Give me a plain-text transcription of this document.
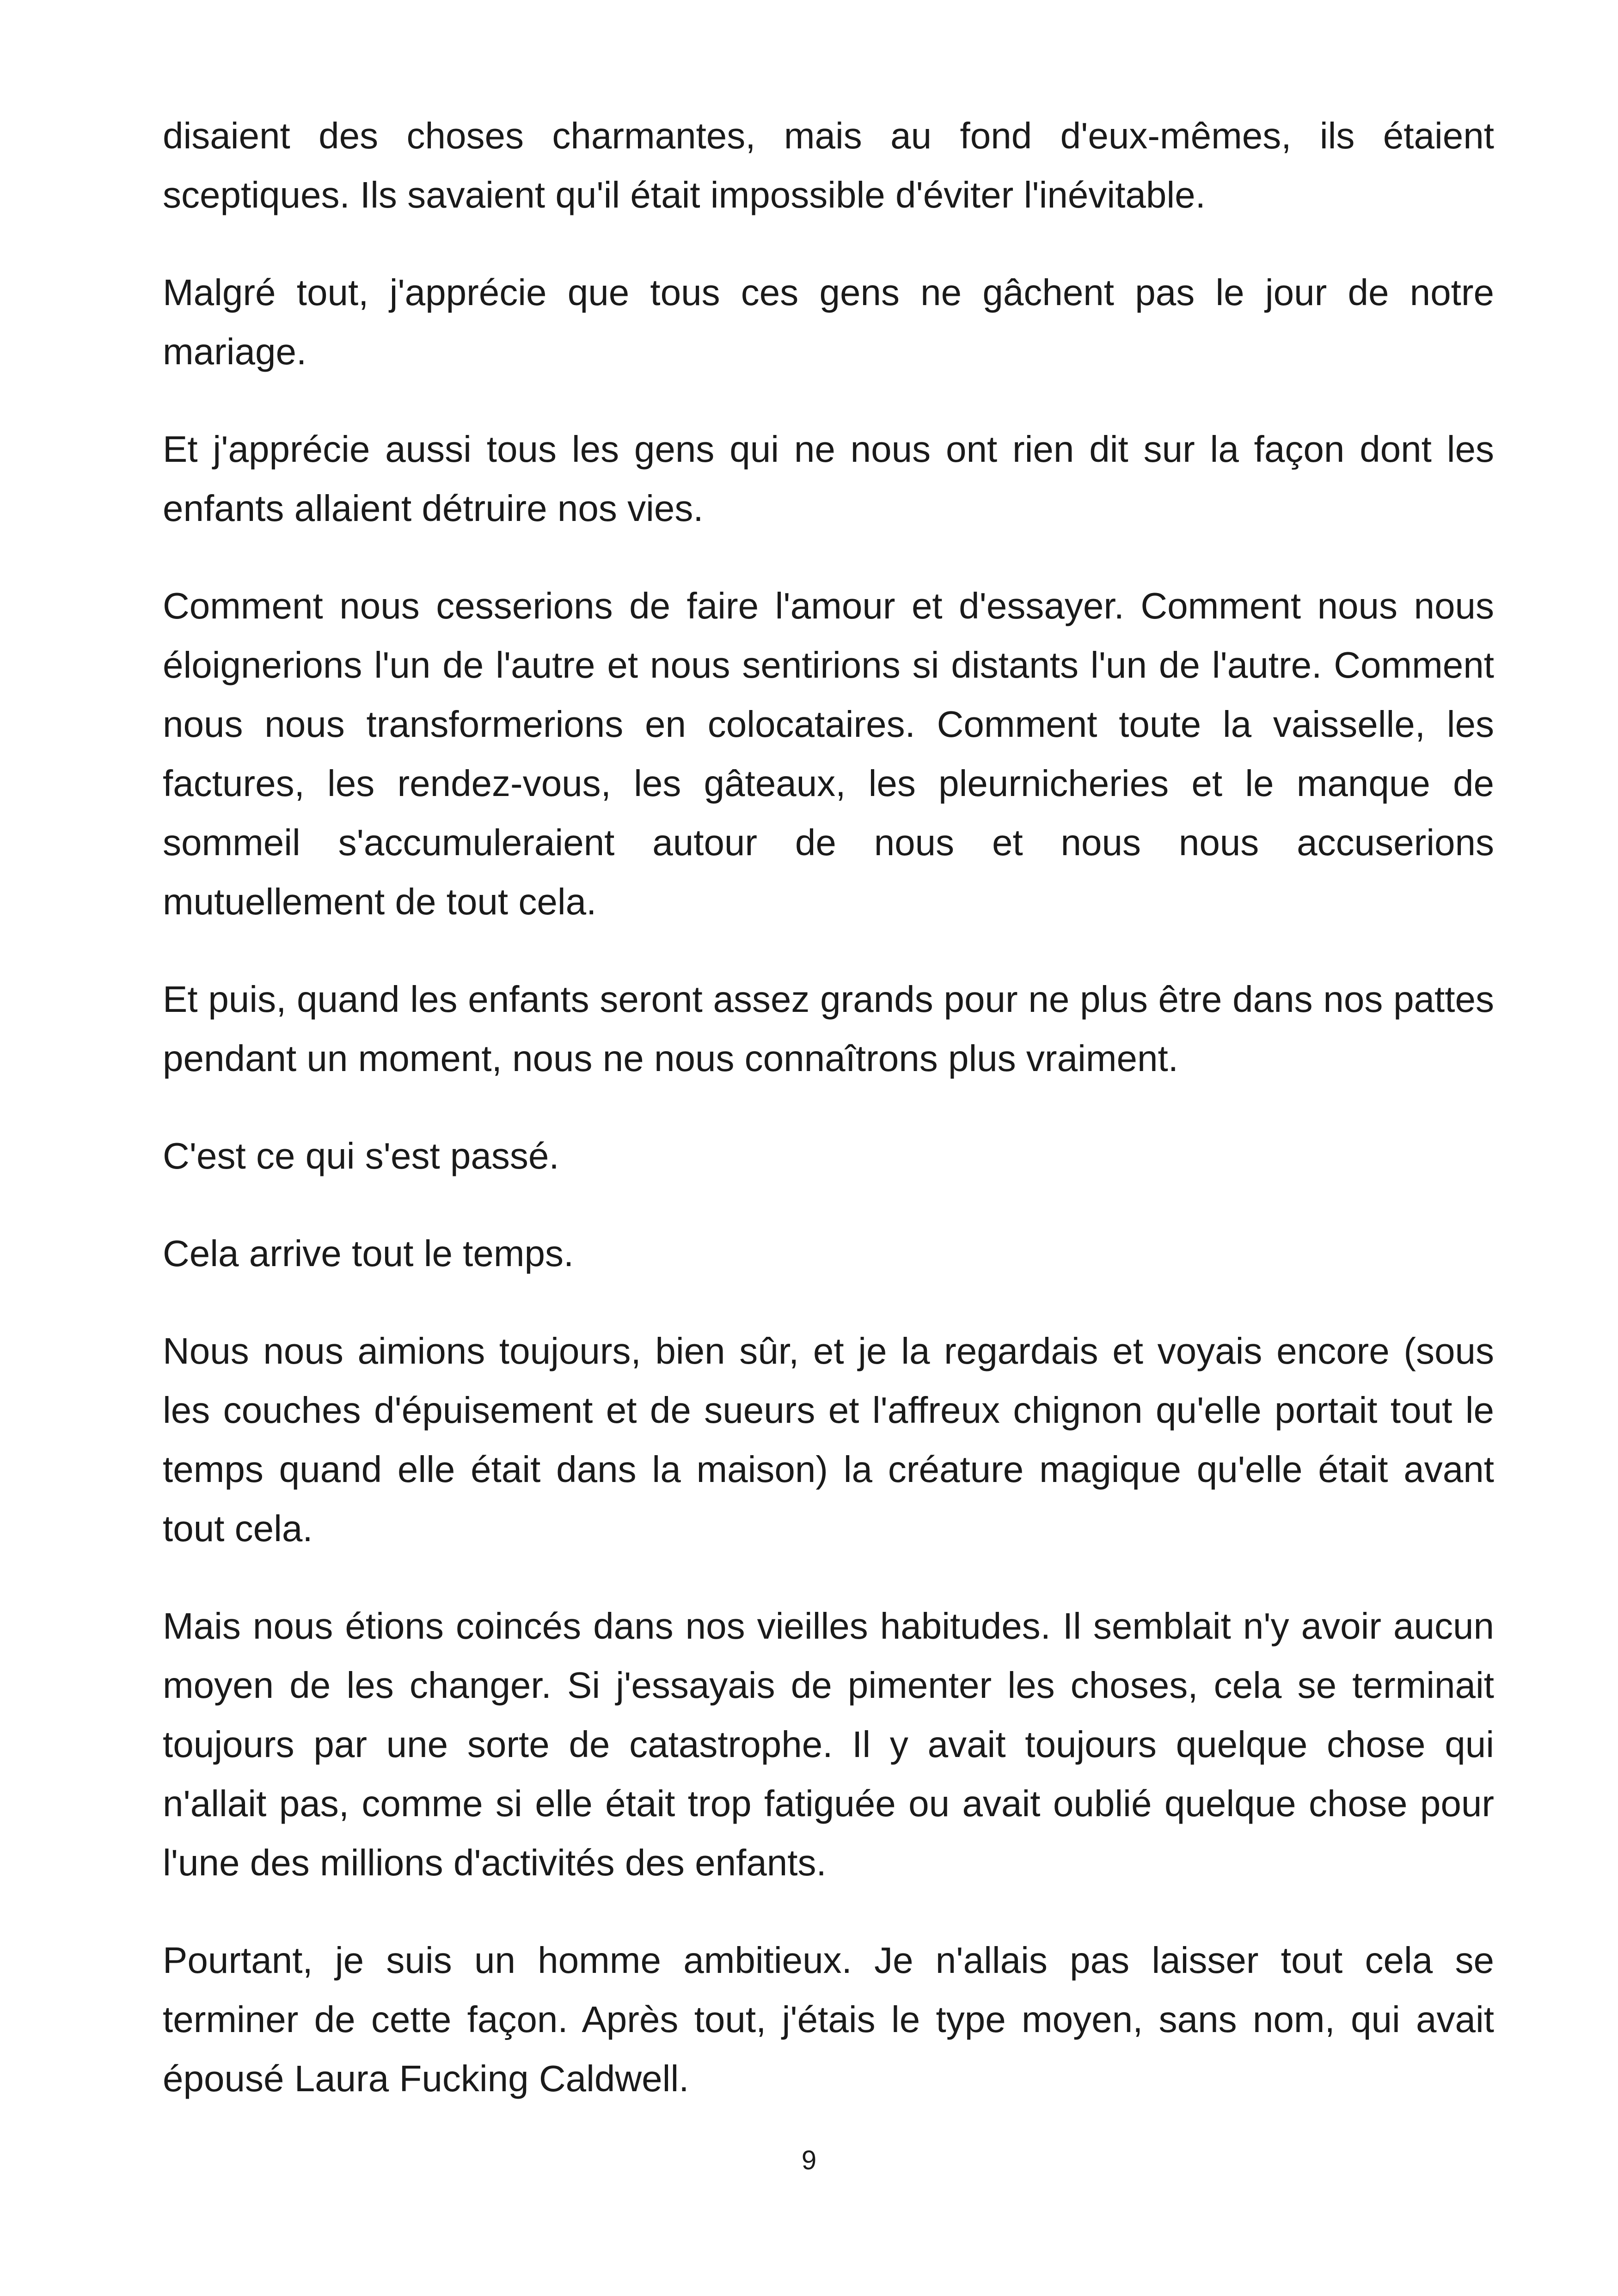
disaient des choses charmantes, mais au fond d'eux-mêmes, ils étaient sceptiques. Ils savaient qu'il était impossible d'éviter l'inévitable.

Malgré tout, j'apprécie que tous ces gens ne gâchent pas le jour de notre mariage.

Et j'apprécie aussi tous les gens qui ne nous ont rien dit sur la façon dont les enfants allaient détruire nos vies.

Comment nous cesserions de faire l'amour et d'essayer. Comment nous nous éloignerions l'un de l'autre et nous sentirions si distants l'un de l'autre. Comment nous nous transformerions en colocataires. Comment toute la vaisselle, les factures, les rendez-vous, les gâteaux, les pleurnicheries et le manque de sommeil s'accumuleraient autour de nous et nous nous accuserions mutuellement de tout cela.

Et puis, quand les enfants seront assez grands pour ne plus être dans nos pattes pendant un moment, nous ne nous connaîtrons plus vraiment.

C'est ce qui s'est passé.

Cela arrive tout le temps.

Nous nous aimions toujours, bien sûr, et je la regardais et voyais encore (sous les couches d'épuisement et de sueurs et l'affreux chignon qu'elle portait tout le temps quand elle était dans la maison) la créature magique qu'elle était avant tout cela.

Mais nous étions coincés dans nos vieilles habitudes. Il semblait n'y avoir aucun moyen de les changer. Si j'essayais de pimenter les choses, cela se terminait toujours par une sorte de catastrophe. Il y avait toujours quelque chose qui n'allait pas, comme si elle était trop fatiguée ou avait oublié quelque chose pour l'une des millions d'activités des enfants.

Pourtant, je suis un homme ambitieux. Je n'allais pas laisser tout cela se terminer de cette façon. Après tout, j'étais le type moyen, sans nom, qui avait épousé Laura Fucking Caldwell.

9
